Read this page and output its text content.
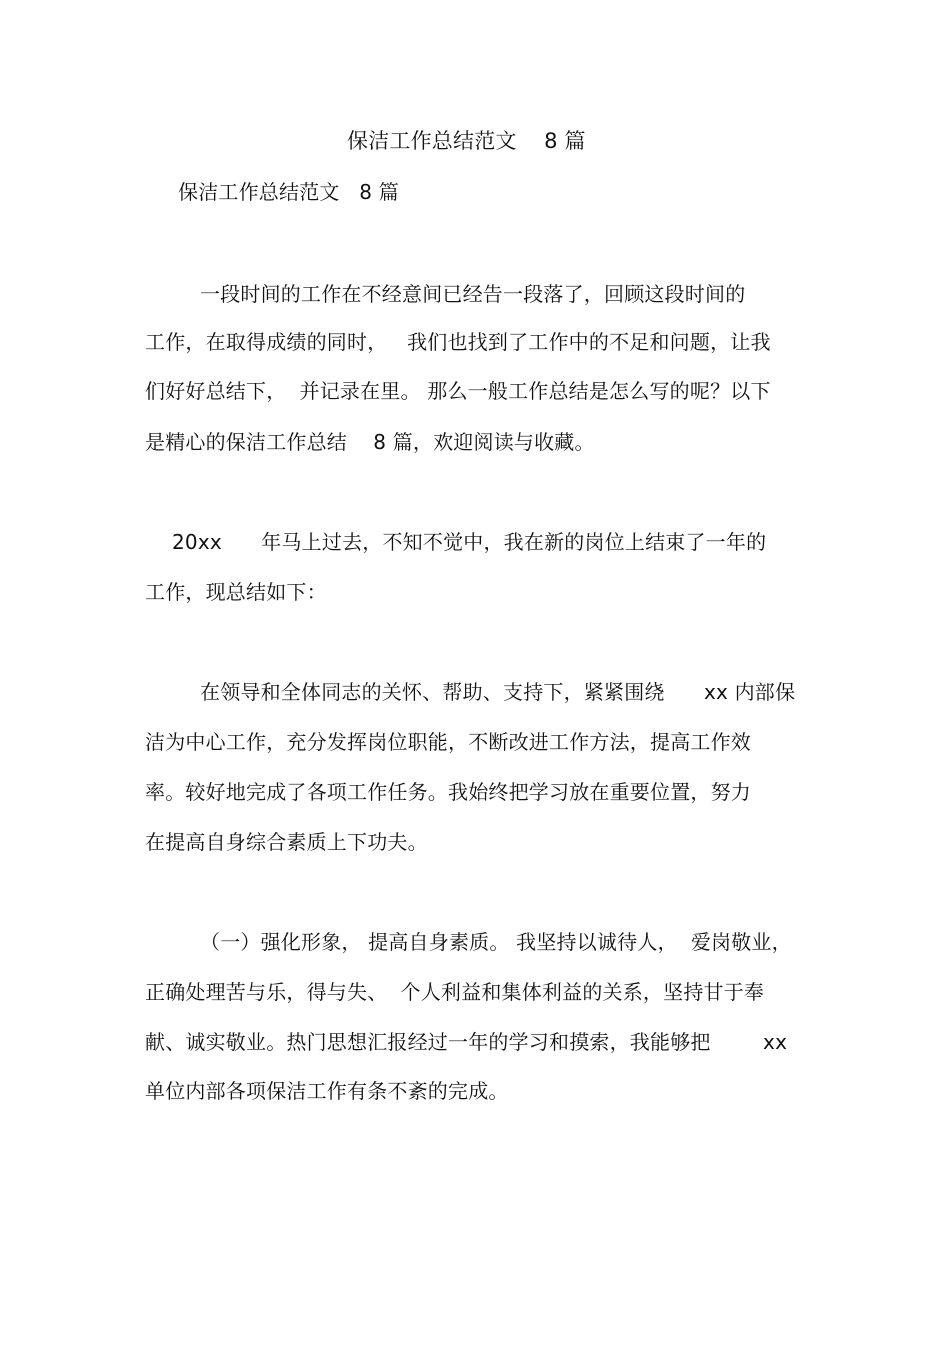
保洁工作总结范文    8 篇
保洁工作总结范文   8 篇
一段时间的工作在不经意间已经告一段落了，回顾这段时间的
工作，在取得成绩的同时，   我们也找到了工作中的不足和问题，让我
们好好总结下，  并记录在里。 那么一般工作总结是怎么写的呢？以下
是精心的保洁工作总结    8 篇，欢迎阅读与收藏。
20xx      年马上过去，不知不觉中，我在新的岗位上结束了一年的
工作，现总结如下：
在领导和全体同志的关怀、帮助、支持下，紧紧围绕      xx 内部保
洁为中心工作，充分发挥岗位职能，不断改进工作方法，提高工作效
率。较好地完成了各项工作任务。我始终把学习放在重要位置，努力
在提高自身综合素质上下功夫。
（一）强化形象， 提高自身素质。 我坚持以诚待人，  爱岗敬业，
正确处理苦与乐，得与失、  个人利益和集体利益的关系，坚持甘于奉
献、诚实敬业。热门思想汇报经过一年的学习和摸索，我能够把        xx
单位内部各项保洁工作有条不紊的完成。
